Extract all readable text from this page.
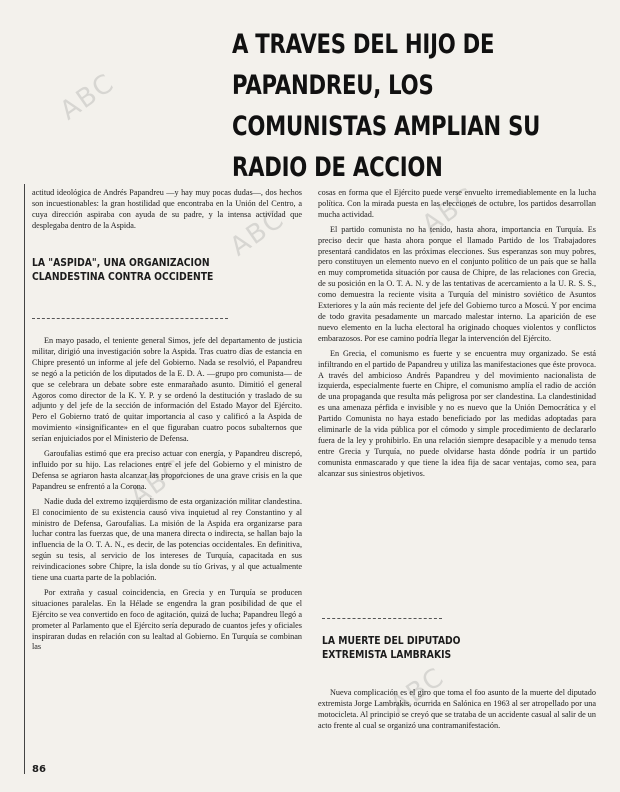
ABC
ABC	ABC
ABC
ABC
A TRAVES DEL HIJO DE
PAPANDREU, LOS
COMUNISTAS AMPLIAN SU
RADIO DE ACCION

actitud ideológica de Andrés Papandreu —y hay muy pocas dudas—, dos hechos son incuestionables: la gran hostilidad que encontraba en la Unión del Centro, a cuya dirección aspiraba con ayuda de su padre, y la intensa actividad que desplegaba dentro de la Aspida.

LA "ASPIDA", UNA ORGANIZACION
CLANDESTINA CONTRA OCCIDENTE

En mayo pasado, el teniente general Simos, jefe del departamento de justicia militar, dirigió una investigación sobre la Aspida. Tras cuatro días de estancia en Chipre presentó un informe al jefe del Gobierno. Nada se resolvió, el Papandreu se negó a la petición de los diputados de la E. D. A. —grupo pro comunista— de que se celebrara un debate sobre este enmarañado asunto. Dimitió el general Agoros como director de la K. Y. P. y se ordenó la destitución y traslado de su adjunto y del jefe de la sección de información del Estado Mayor del Ejército. Pero el Gobierno trató de quitar importancia al caso y calificó a la Aspida de movimiento «insignificante» en el que figuraban cuatro pocos subalternos que serían enjuiciados por el Ministerio de Defensa.

Garoufalias estimó que era preciso actuar con energía, y Papandreu discrepó, influido por su hijo. Las relaciones entre el jefe del Gobierno y el ministro de Defensa se agriaron hasta alcanzar las proporciones de una grave crisis en la que Papandreu se enfrentó a la Corona.

Nadie duda del extremo izquierdismo de esta organización militar clandestina. El conocimiento de su existencia causó viva inquietud al rey Constantino y al ministro de Defensa, Garoufalias. La misión de la Aspida era organizarse para luchar contra las fuerzas que, de una manera directa o indirecta, se hallan bajo la influencia de la O. T. A. N., es decir, de las potencias occidentales. En definitiva, según su tesis, al servicio de los intereses de Turquía, capacitada en sus reivindicaciones sobre Chipre, la isla donde su tío Grivas, y al que actualmente tiene una cuarta parte de la población.

Por extraña y casual coincidencia, en Grecia y en Turquía se producen situaciones paralelas. En la Hélade se engendra la gran posibilidad de que el Ejército se vea convertido en foco de agitación, quizá de lucha; Papandreu llegó a prometer al Parlamento que el Ejército sería depurado de cuantos jefes y oficiales inspiraran dudas en relación con su lealtad al Gobierno. En Turquía se combinan las

cosas en forma que el Ejército puede verse envuelto irremediablemente en la lucha política. Con la mirada puesta en las elecciones de octubre, los partidos desarrollan mucha actividad.

El partido comunista no ha tenido, hasta ahora, importancia en Turquía. Es preciso decir que hasta ahora porque el llamado Partido de los Trabajadores presentará candidatos en las próximas elecciones. Sus esperanzas son muy pobres, pero constituyen un elemento nuevo en el conjunto político de un país que se halla en muy comprometida situación por causa de Chipre, de las relaciones con Grecia, de su posición en la O. T. A. N. y de las tentativas de acercamiento a la U. R. S. S., como demuestra la reciente visita a Turquía del ministro soviético de Asuntos Exteriores y la aún más reciente del jefe del Gobierno turco a Moscú. Y por encima de todo gravita pesadamente un marcado malestar interno. La aparición de ese nuevo elemento en la lucha electoral ha originado choques violentos y conflictos embarazosos. Por ese camino podría llegar la intervención del Ejército.

En Grecia, el comunismo es fuerte y se encuentra muy organizado. Se está infiltrando en el partido de Papandreu y utiliza las manifestaciones que éste provoca. A través del ambicioso Andrés Papandreu y del movimiento nacionalista de izquierda, especialmente fuerte en Chipre, el comunismo amplía el radio de acción de una propaganda que resulta más peligrosa por ser clandestina. La clandestinidad es una amenaza pérfida e invisible y no es nuevo que la Unión Democrática y el Partido Comunista no haya estado beneficiado por las medidas adoptadas para eliminarle de la vida pública por el cómodo y simple procedimiento de declararlo fuera de la ley y prohibirlo. En una relación siempre desapacible y a menudo tensa entre Grecia y Turquía, no puede olvidarse hasta dónde podría ir un partido comunista enmascarado y que tiene la idea fija de sacar ventajas, como sea, para alcanzar sus siniestros objetivos.

LA MUERTE DEL DIPUTADO
EXTREMISTA LAMBRAKIS

Nueva complicación es el giro que toma el foo asunto de la muerte del diputado extremista Jorge Lambrakis, ocurrida en Salónica en 1963 al ser atropellado por una motocicleta. Al principio se creyó que se trataba de un accidente casual al salir de un acto frente al cual se organizó una contramanifestación.

86
